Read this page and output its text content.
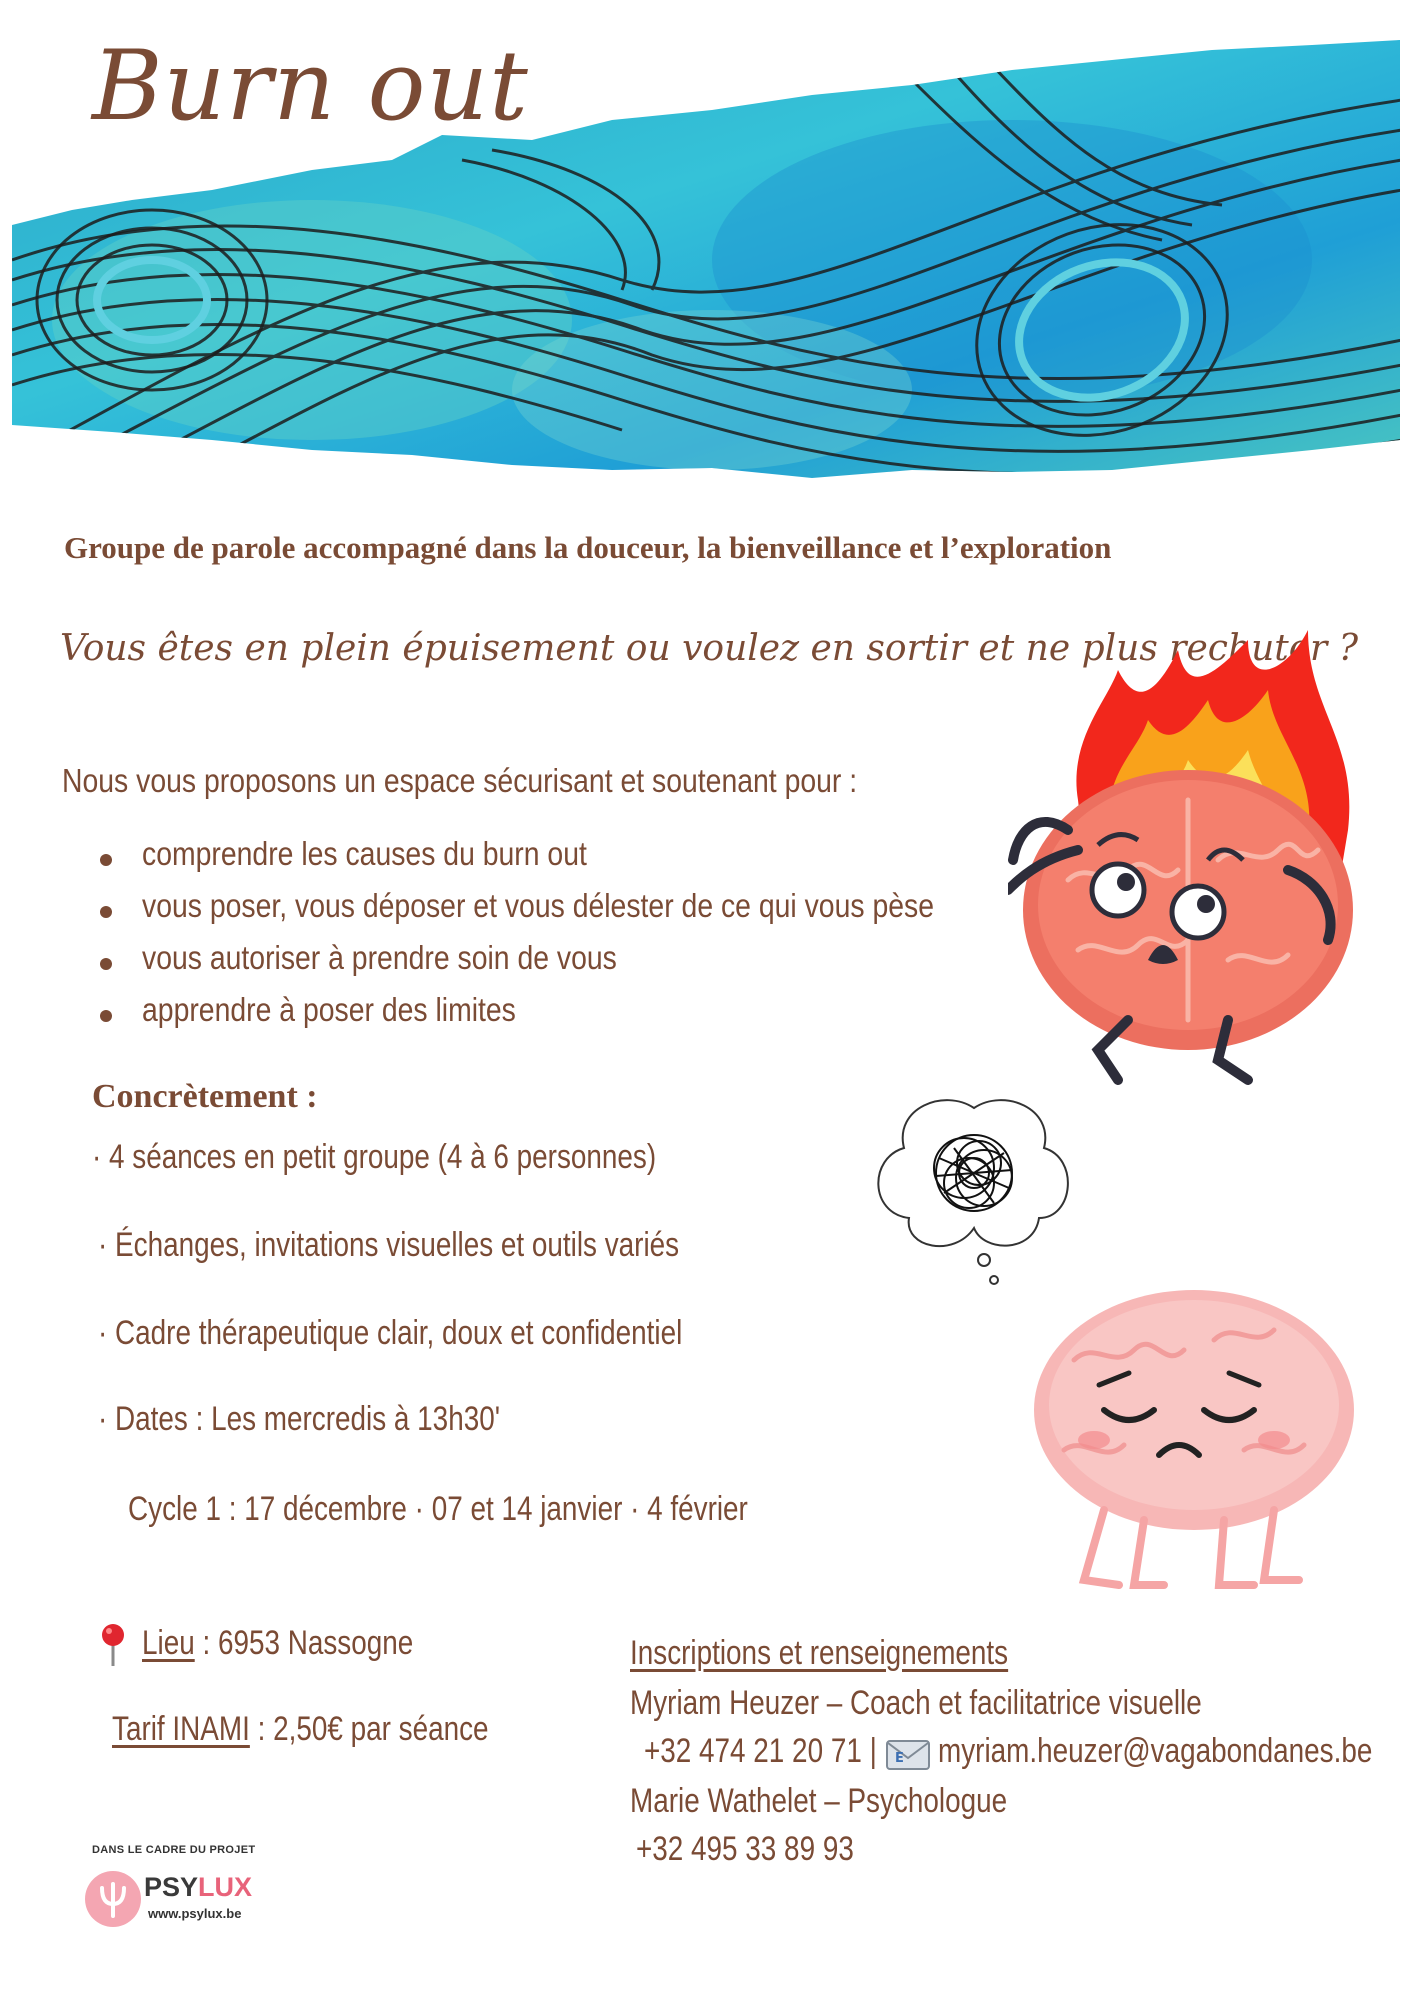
Burn out
Groupe de parole accompagné dans la douceur, la bienveillance et l’exploration
Vous êtes en plein épuisement ou voulez en sortir et ne plus rechuter ?
Nous vous proposons un espace sécurisant et soutenant pour :
comprendre les causes du burn out
vous poser, vous déposer et vous délester de ce qui vous pèse
vous autoriser à prendre soin de vous
apprendre à poser des limites
Concrètement :
· 4 séances en petit groupe (4 à 6 personnes)
· Échanges, invitations visuelles et outils variés
· Cadre thérapeutique clair, doux et confidentiel
· Dates : Les mercredis à 13h30'
Cycle 1 : 17 décembre · 07 et 14 janvier · 4 février
Lieu : 6953 Nassogne
Tarif INAMI : 2,50€ par séance
Inscriptions et renseignements
Myriam Heuzer – Coach et facilitatrice visuelle
+32 474 21 20 71 | E myriam.heuzer@vagabondanes.be
Marie Wathelet – Psychologue
+32 495 33 89 93
DANS LE CADRE DU PROJET
PSYLUX
www.psylux.be
